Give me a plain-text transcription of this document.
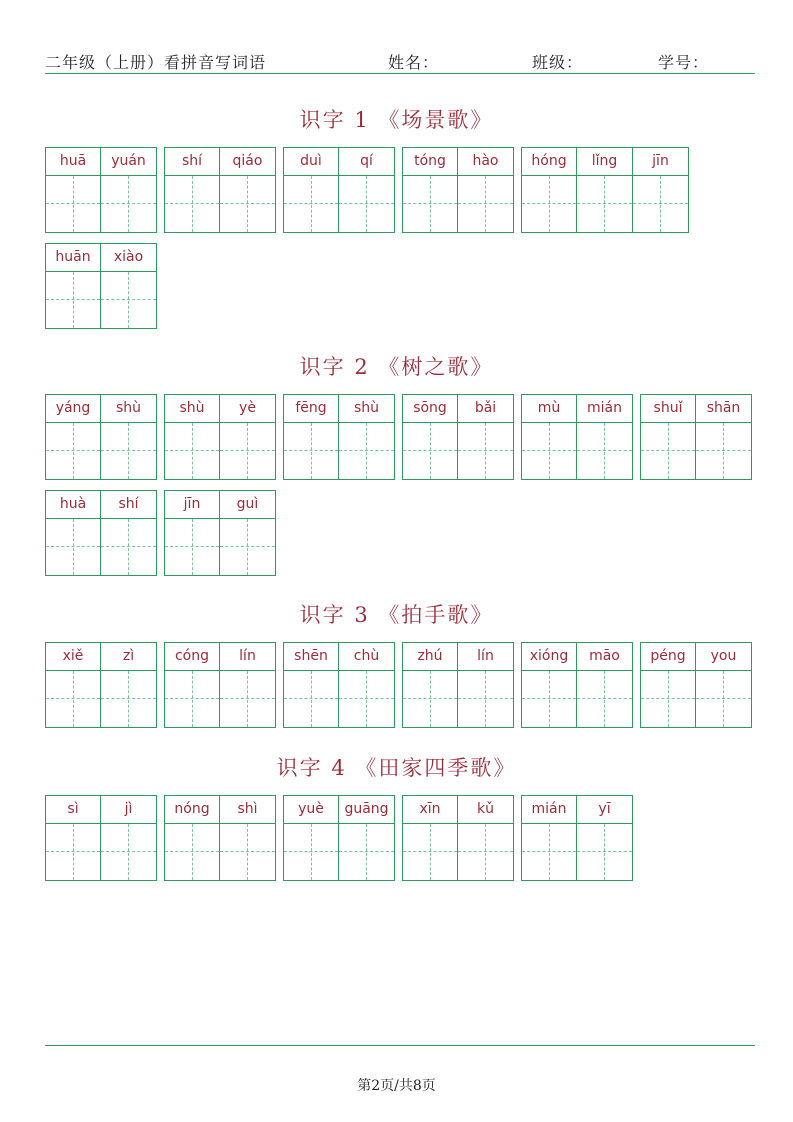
二年级（上册）看拼音写词语	姓名：	班级：	学号：
识字 1 《场景歌》
huā	yuán	shí	qiáo	duì	qí	tóng	hào	hóng	lǐng	jīn
huān	xiào
识字 2 《树之歌》
yáng	shù	shù	yè	fēng	shù	sōng	bǎi	mù	mián	shuǐ	shān
huà	shí	jīn	guì
识字 3 《拍手歌》
xiě	zì	cóng	lín	shēn	chù	zhú	lín	xióng	māo	péng	you
识字 4 《田家四季歌》
sì	jì	nóng	shì	yuè	guāng	xīn	kǔ	mián	yī
第2页/共8页
